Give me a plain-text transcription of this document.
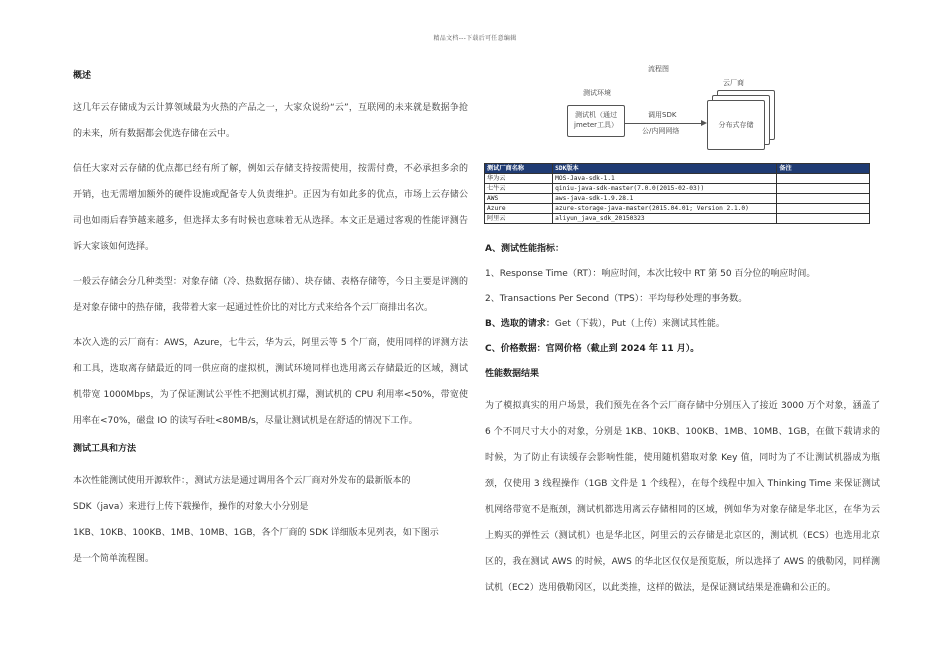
精品文档---下载后可任意编辑
概述
这几年云存储成为云计算领域最为火热的产品之一，大家众说纷“云”，互联网的未来就是数据争抢的未来，所有数据都会优选存储在云中。
信任大家对云存储的优点都已经有所了解，例如云存储支持按需使用，按需付费，不必承担多余的开销，也无需增加额外的硬件设施或配备专人负责维护。正因为有如此多的优点，市场上云存储公司也如雨后春笋越来越多，但选择太多有时候也意味着无从选择。本文正是通过客观的性能评测告诉大家该如何选择。
一般云存储会分几种类型：对象存储（冷、热数据存储）、块存储、表格存储等，今日主要是评测的是对象存储中的热存储，我带着大家一起通过性价比的对比方式来给各个云厂商排出名次。
本次入选的云厂商有：AWS，Azure，七牛云，华为云，阿里云等 5 个厂商，使用同样的评测方法和工具，选取离存储最近的同一供应商的虚拟机，测试环境同样也选用离云存储最近的区域，测试机带宽 1000Mbps，为了保证测试公平性不把测试机打爆，测试机的 CPU 利用率<50%，带宽使用率在<70%，磁盘 IO 的读写吞吐<80MB/s，尽量让测试机是在舒适的情况下工作。
测试工具和方法
本次性能测试使用开源软件：，测试方法是通过调用各个云厂商对外发布的最新版本的
SDK（java）来进行上传下载操作，操作的对象大小分别是
1KB、10KB、100KB、1MB、10MB、1GB，各个厂商的 SDK 详细版本见列表，如下图示
是一个简单流程图。
流程图
测试环境
云厂商
测试机（通过jmeter工具）
调用SDK
公/内网网络
分布式存储
测试厂商名称	SDK版本	备注
华为云	MOS-Java-sdk-1.1	
七牛云	qiniu-java-sdk-master(7.0.0(2015-02-03))	
AWS	aws-java-sdk-1.9.28.1	
Azure	azure-storage-java-master(2015.04.01; Version 2.1.0)	
阿里云	aliyun_java_sdk_20150323	
A、测试性能指标：
1、Response Time（RT）：响应时间，本次比较中 RT 第 50 百分位的响应时间。
2、Transactions Per Second（TPS）：平均每秒处理的事务数。
B、选取的请求：Get（下载），Put（上传）来测试其性能。
C、价格数据：官网价格（截止到 2024 年 11 月）。
性能数据结果
为了模拟真实的用户场景，我们预先在各个云厂商存储中分别压入了接近 3000 万个对象，涵盖了 6 个不同尺寸大小的对象，分别是 1KB、10KB、100KB、1MB、10MB、1GB，在做下载请求的时候，为了防止有读缓存会影响性能，使用随机猎取对象 Key 值，同时为了不让测试机器成为瓶颈，仅使用 3 线程操作（1GB 文件是 1 个线程），在每个线程中加入 Thinking Time 来保证测试机网络带宽不是瓶颈，测试机都选用离云存储相同的区域，例如华为对象存储是华北区，在华为云上购买的弹性云（测试机）也是华北区，阿里云的云存储是北京区的，测试机（ECS）也选用北京区的，我在测试 AWS 的时候，AWS 的华北区仅仅是预览版，所以选择了 AWS 的俄勒冈，同样测试机（EC2）选用俄勒冈区，以此类推，这样的做法，是保证测试结果是准确和公正的。
